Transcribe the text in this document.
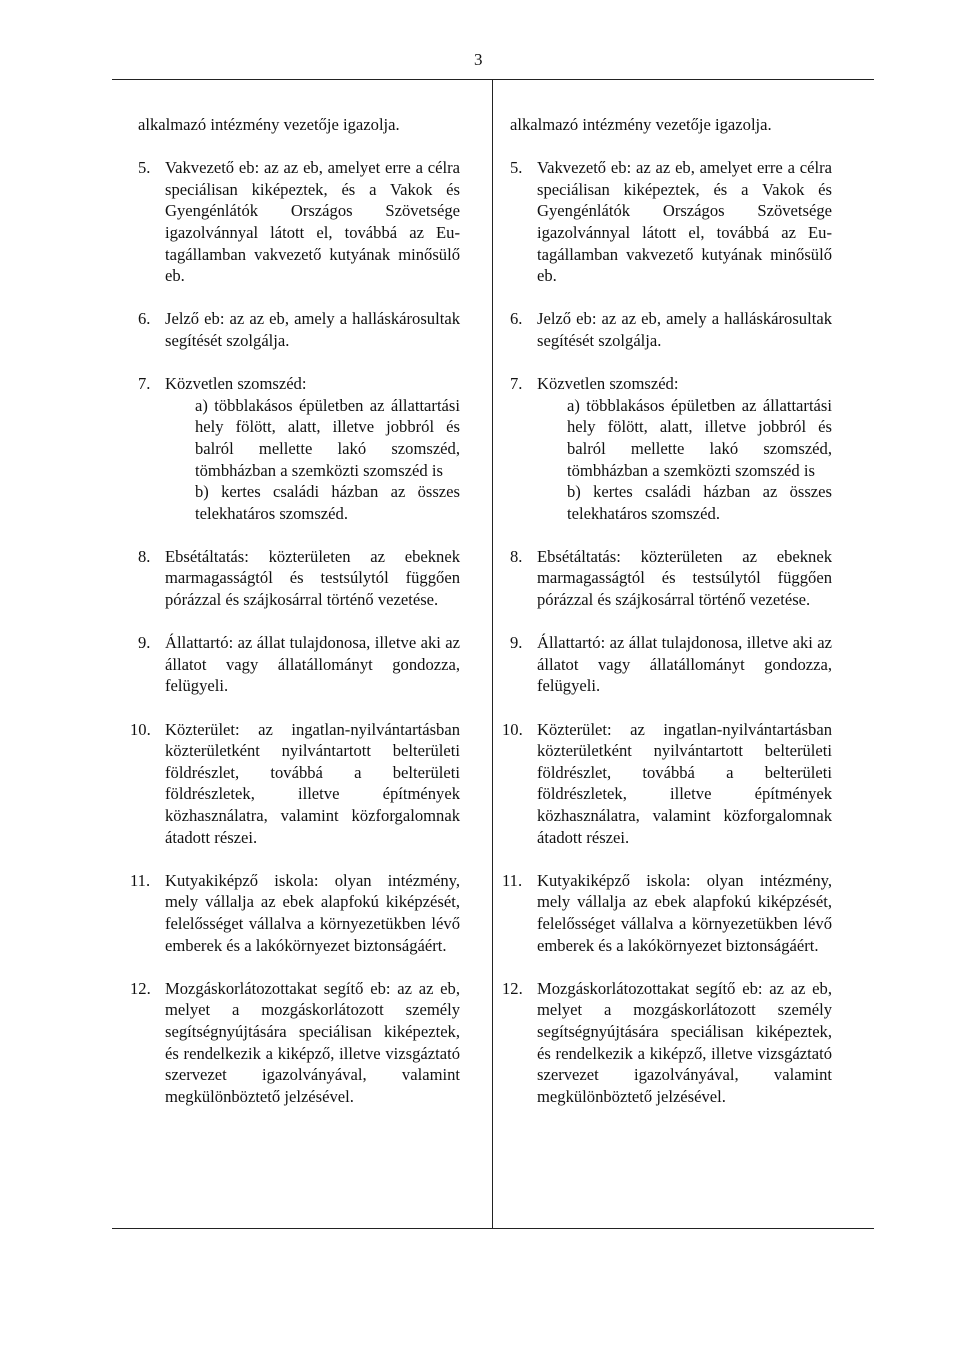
3

alkalmazó intézmény vezetője igazolja.

5. Vakvezető eb: az az eb, amelyet erre a célra speciálisan kiképeztek, és a Vakok és Gyengénlátók Országos Szövetsége igazolvánnyal látott el, továbbá az Eu-tagállamban vakvezető kutyának minősülő eb.
6. Jelző eb: az az eb, amely a halláskárosultak segítését szolgálja.
7. Közvetlen szomszéd:
a) többlakásos épületben az állattartási hely fölött, alatt, illetve jobbról és balról mellette lakó szomszéd, tömbházban a szemközti szomszéd is
b) kertes családi házban az összes telekhatáros szomszéd.
8. Ebsétáltatás: közterületen az ebeknek marmagasságtól és testsúlytól függően pórázzal és szájkosárral történő vezetése.
9. Állattartó: az állat tulajdonosa, illetve aki az állatot vagy állatállományt gondozza, felügyeli.
10. Közterület: az ingatlan-nyilvántartásban közterületként nyilvántartott belterületi földrészlet, továbbá a belterületi földrészletek, illetve építmények közhasználatra, valamint közforgalomnak átadott részei.
11. Kutyakiképző iskola: olyan intézmény, mely vállalja az ebek alapfokú kiképzését, felelősséget vállalva a környezetükben lévő emberek és a lakókörnyezet biztonságáért.
12. Mozgáskorlátozottakat segítő eb: az az eb, melyet a mozgáskorlátozott személy segítségnyújtására speciálisan kiképeztek, és rendelkezik a kiképző, illetve vizsgáztató szervezet igazolványával, valamint megkülönböztető jelzésével.

alkalmazó intézmény vezetője igazolja.

5. Vakvezető eb: az az eb, amelyet erre a célra speciálisan kiképeztek, és a Vakok és Gyengénlátók Országos Szövetsége igazolvánnyal látott el, továbbá az Eu-tagállamban vakvezető kutyának minősülő eb.
6. Jelző eb: az az eb, amely a halláskárosultak segítését szolgálja.
7. Közvetlen szomszéd:
a) többlakásos épületben az állattartási hely fölött, alatt, illetve jobbról és balról mellette lakó szomszéd, tömbházban a szemközti szomszéd is
b) kertes családi házban az összes telekhatáros szomszéd.
8. Ebsétáltatás: közterületen az ebeknek marmagasságtól és testsúlytól függően pórázzal és szájkosárral történő vezetése.
9. Állattartó: az állat tulajdonosa, illetve aki az állatot vagy állatállományt gondozza, felügyeli.
10. Közterület: az ingatlan-nyilvántartásban közterületként nyilvántartott belterületi földrészlet, továbbá a belterületi földrészletek, illetve építmények közhasználatra, valamint közforgalomnak átadott részei.
11. Kutyakiképző iskola: olyan intézmény, mely vállalja az ebek alapfokú kiképzését, felelősséget vállalva a környezetükben lévő emberek és a lakókörnyezet biztonságáért.
12. Mozgáskorlátozottakat segítő eb: az az eb, melyet a mozgáskorlátozott személy segítségnyújtására speciálisan kiképeztek, és rendelkezik a kiképző, illetve vizsgáztató szervezet igazolványával, valamint megkülönböztető jelzésével.
